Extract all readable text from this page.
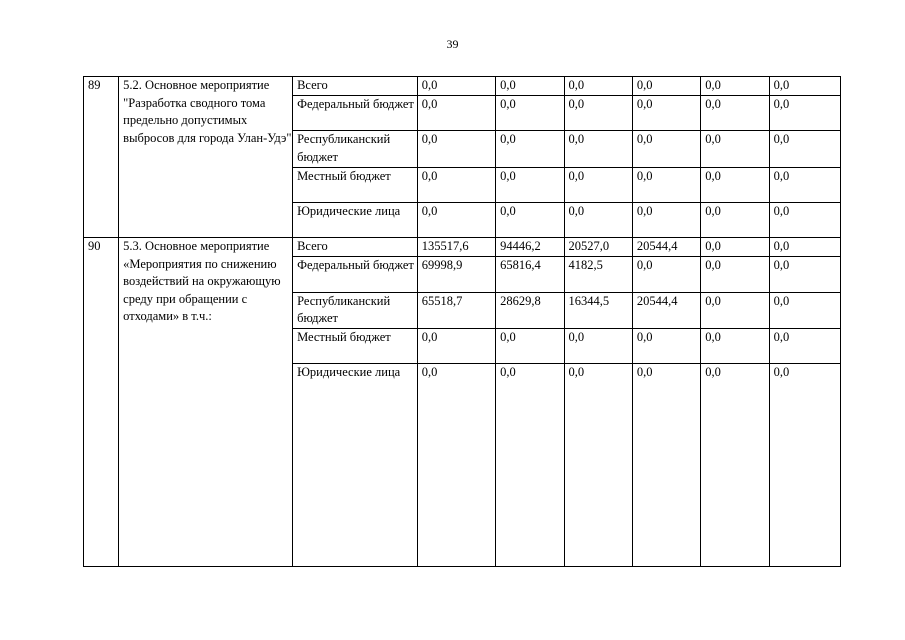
39
89	5.2. Основное мероприятие "Разработка сводного тома предельно допустимых выбросов для города Улан-Удэ"	Всего	0,0	0,0	0,0	0,0	0,0	0,0
		Федеральный бюджет	0,0	0,0	0,0	0,0	0,0	0,0
		Республиканский бюджет	0,0	0,0	0,0	0,0	0,0	0,0
		Местный бюджет	0,0	0,0	0,0	0,0	0,0	0,0
		Юридические лица	0,0	0,0	0,0	0,0	0,0	0,0
90	5.3. Основное мероприятие «Мероприятия по снижению воздействий на окружающую среду при обращении с отходами» в т.ч.:	Всего	135517,6	94446,2	20527,0	20544,4	0,0	0,0
		Федеральный бюджет	69998,9	65816,4	4182,5	0,0	0,0	0,0
		Республиканский бюджет	65518,7	28629,8	16344,5	20544,4	0,0	0,0
		Местный бюджет	0,0	0,0	0,0	0,0	0,0	0,0
		Юридические лица	0,0	0,0	0,0	0,0	0,0	0,0
